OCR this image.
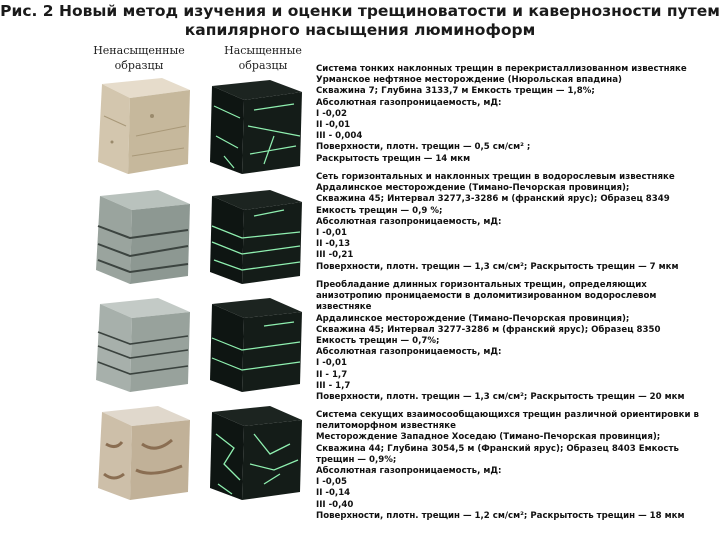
Рис. 2 Новый метод изучения и оценки трещиноватости и кавернозности путем
капилярного насыщения люминоформ
Ненасыщенные
образцы
Насыщенные
образцы	Система тонких наклонных трещин в перекристаллизованном известняке
Урманское нефтяное месторождение (Нюрольская впадина)
Скважина 7; Глубина 3133,7 м Емкость трещин — 1,8%;
Абсолютная газопроницаемость, мД:
I -0,02
II -0,01
III - 0,004
Поверхности, плотн. трещин — 0,5 см/см² ;
Раскрытость трещин — 14 мкм
Сеть горизонтальных и наклонных трещин в водорослевым известняке
Ардалинское месторождение (Тимано-Печорская провинция);
Скважина 45; Интервал 3277,3-3286 м (франский ярус); Образец 8349 Емкость трещин — 0,9 %;
Абсолютная газопроницаемость, мД:
I -0,01
II -0,13
III -0,21
Поверхности, плотн. трещин — 1,3 см/см²; Раскрытость трещин — 7 мкм
Преобладание длинных горизонтальных трещин, определяющих анизотропию проницаемости в доломитизированном водорослевом известняке
Ардалинское месторождение (Тимано-Печорская провинция);
Скважина 45; Интервал 3277-3286 м (франский ярус); Образец 8350
Емкость трещин — 0,7%;
Абсолютная газопроницаемость, мД:
I -0,01
II - 1,7
III - 1,7
Поверхности, плотн. трещин — 1,3 см/см²; Раскрытость трещин — 20 мкм
Система секущих взаимосообщающихся трещин различной ориентировки в пелитоморфном известняке
Месторождение Западное Хоседаю (Тимано-Печорская провинция);
Скважина 44; Глубина 3054,5 м (Франский ярус); Образец 8403 Емкость трещин — 0,9%;
Абсолютная газопроницаемость, мД:
I -0,05
II -0,14
III -0,40
Поверхности, плотн. трещин — 1,2 см/см²; Раскрытость трещин — 18 мкм
